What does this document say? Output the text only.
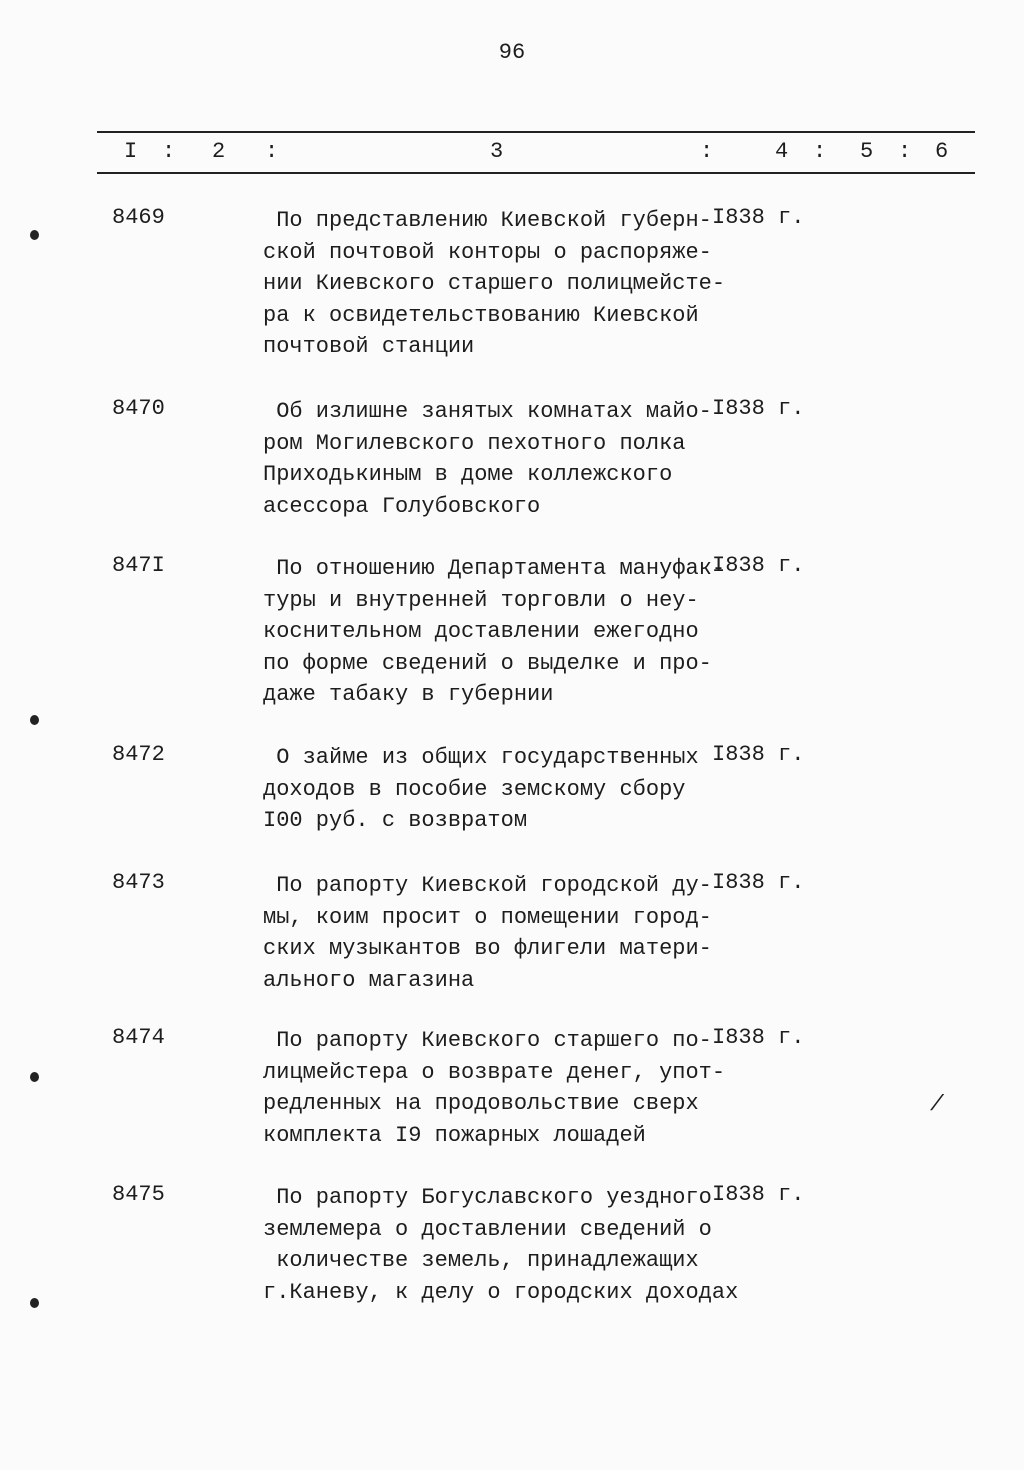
96
I : 2 :	3	:	4 : 5 : 6
8469	По представлению Киевской губерн-
ской почтовой конторы о распоряже-
нии Киевского старшего полицмейсте-
ра к освидетельствованию Киевской
почтовой станции
I838 г.
8470	Об излишне занятых комнатах майо-
ром Могилевского пехотного полка
Приходькиным в доме коллежского
асессора Голубовского
I838 г.
847I	По отношению Департамента мануфак-
туры и внутренней торговли о неу-
коснительном доставлении ежегодно
по форме сведений о выделке и про-
даже табаку в губернии
I838 г.
8472	О займе из общих государственных
доходов в пособие земскому сбору
I00 руб. с возвратом
I838 г.
8473	По рапорту Киевской городской ду-
мы, коим просит о помещении город-
ских музыкантов во флигели матери-
ального магазина
I838 г.
8474	По рапорту Киевского старшего по-
лицмейстера о возврате денег, упот-
редленных на продовольствие сверх
комплекта I9 пожарных лошадей
I838 г.
8475	По рапорту Богуславского уездного
землемера о доставлении сведений о
количестве земель, принадлежащих
г.Каневу, к делу о городских доходах
I838 г.
/
